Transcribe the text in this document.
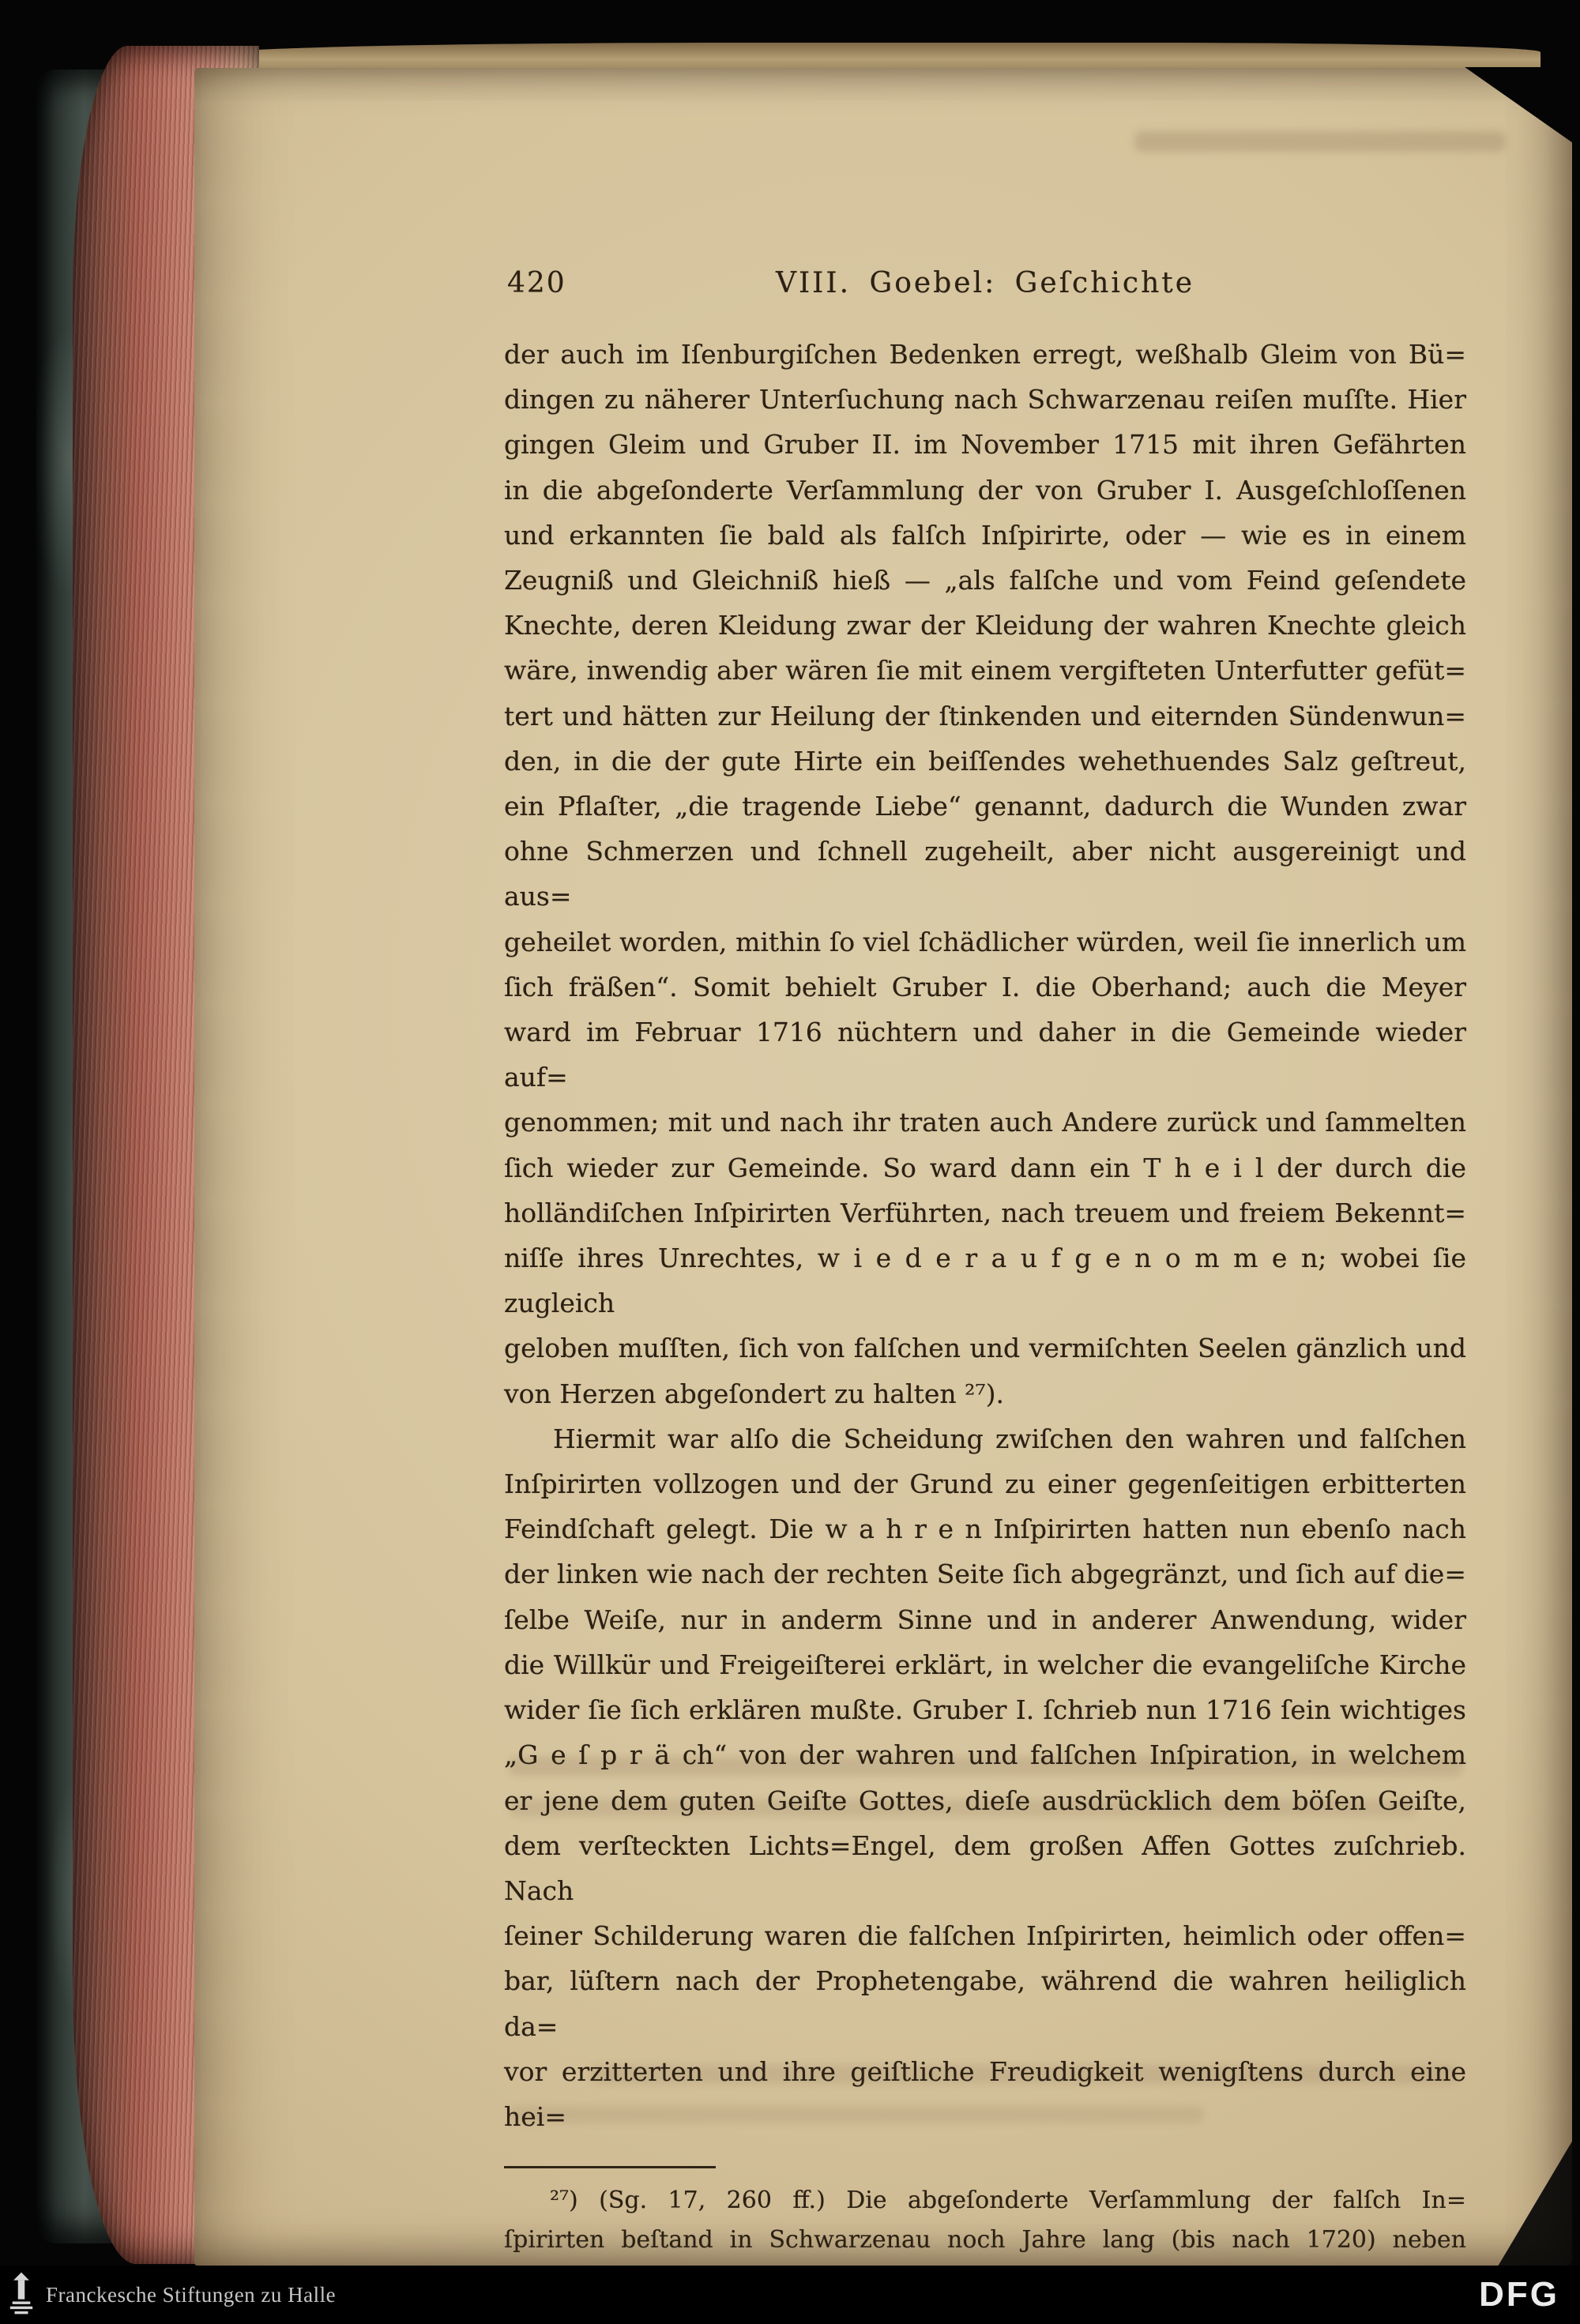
420	VIII. Goebel: Geſchichte
der auch im Iſenburgiſchen Bedenken erregt, weßhalb Gleim von Bü=
dingen zu näherer Unterſuchung nach Schwarzenau reiſen muſſte. Hier
gingen Gleim und Gruber II. im November 1715 mit ihren Gefährten
in die abgeſonderte Verſammlung der von Gruber I. Ausgeſchloſſenen
und erkannten ſie bald als falſch Inſpirirte, oder — wie es in einem
Zeugniß und Gleichniß hieß — „als falſche und vom Feind geſendete
Knechte, deren Kleidung zwar der Kleidung der wahren Knechte gleich
wäre, inwendig aber wären ſie mit einem vergifteten Unterfutter gefüt=
tert und hätten zur Heilung der ſtinkenden und eiternden Sündenwun=
den, in die der gute Hirte ein beiſſendes wehethuendes Salz geſtreut,
ein Pflaſter, „die tragende Liebe“ genannt, dadurch die Wunden zwar
ohne Schmerzen und ſchnell zugeheilt, aber nicht ausgereinigt und aus=
geheilet worden, mithin ſo viel ſchädlicher würden, weil ſie innerlich um
ſich fräßen“. Somit behielt Gruber I. die Oberhand; auch die Meyer
ward im Februar 1716 nüchtern und daher in die Gemeinde wieder auf=
genommen; mit und nach ihr traten auch Andere zurück und ſammelten
ſich wieder zur Gemeinde. So ward dann ein T h e i l der durch die
holländiſchen Inſpirirten Verführten, nach treuem und freiem Bekennt=
niſſe ihres Unrechtes, w i e d e r a u f g e n o m m e n; wobei ſie zugleich
geloben muſſten, ſich von falſchen und vermiſchten Seelen gänzlich und
von Herzen abgeſondert zu halten ²⁷).
Hiermit war alſo die Scheidung zwiſchen den wahren und falſchen
Inſpirirten vollzogen und der Grund zu einer gegenſeitigen erbitterten
Feindſchaft gelegt. Die w a h r e n Inſpirirten hatten nun ebenſo nach
der linken wie nach der rechten Seite ſich abgegränzt, und ſich auf die=
ſelbe Weiſe, nur in anderm Sinne und in anderer Anwendung, wider
die Willkür und Freigeiſterei erklärt, in welcher die evangeliſche Kirche
wider ſie ſich erklären mußte. Gruber I. ſchrieb nun 1716 ſein wichtiges
„G e ſ p r ä ch“ von der wahren und falſchen Inſpiration, in welchem
er jene dem guten Geiſte Gottes, dieſe ausdrücklich dem böſen Geiſte,
dem verſteckten Lichts=Engel, dem großen Affen Gottes zuſchrieb. Nach
ſeiner Schilderung waren die falſchen Inſpirirten, heimlich oder offen=
bar, lüſtern nach der Prophetengabe, während die wahren heiliglich da=
vor erzitterten und ihre geiſtliche Freudigkeit wenigſtens durch eine hei=
²⁷) (Sg. 17, 260 ff.) Die abgeſonderte Verſammlung der falſch In=
ſpirirten beſtand in Schwarzenau noch Jahre lang (bis nach 1720) neben
Franckesche Stiftungen zu Halle	DFG
